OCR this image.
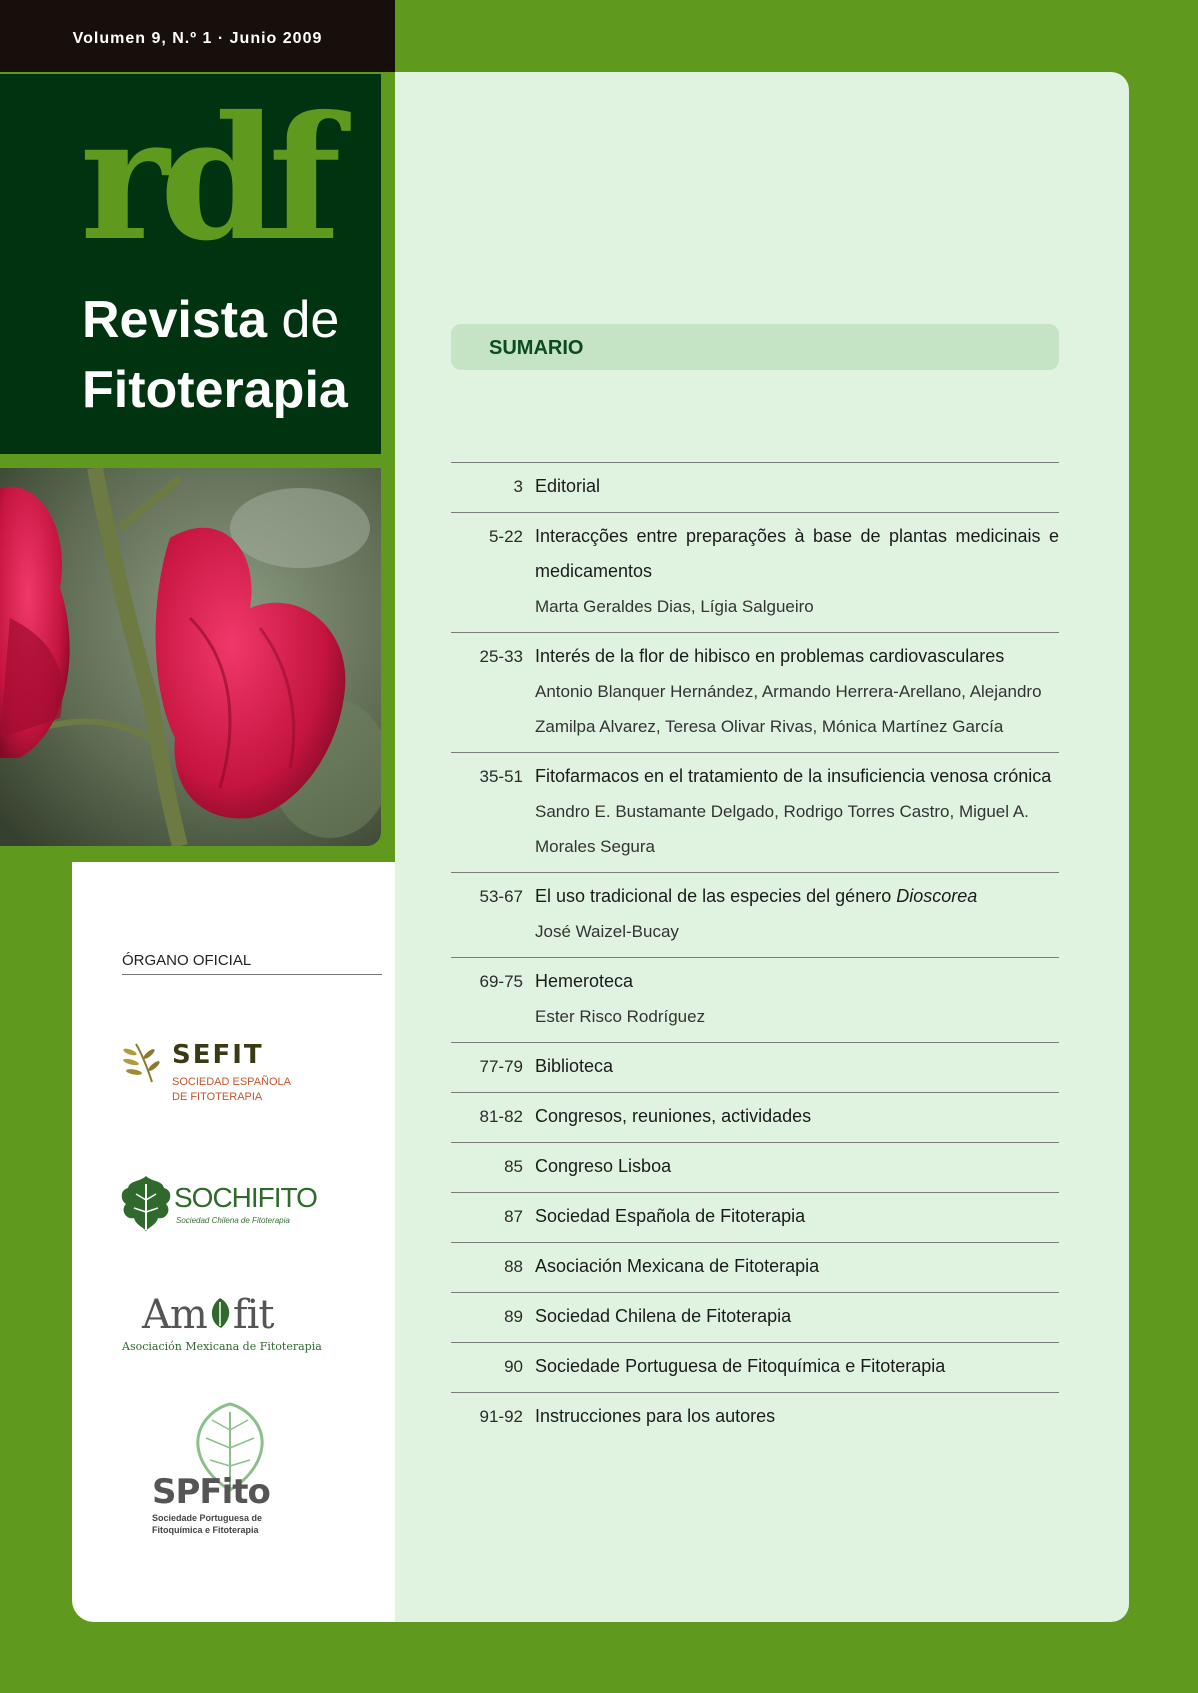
Volumen 9, N.º 1 · Junio 2009
rdf
Revista de
Fitoterapia
ÓRGANO OFICIAL
SEFIT
SOCIEDAD ESPAÑOLA
DE FITOTERAPIA
SOCHIFITO
Sociedad Chilena de Fitoterapia
Am fit
Asociación Mexicana de Fitoterapia
SPFito
Sociedade Portuguesa de
Fitoquímica e Fitoterapia
SUMARIO
3 Editorial
5-22 Interacções entre preparações à base de plantas medicinais e medicamentos
Marta Geraldes Dias, Lígia Salgueiro
25-33 Interés de la flor de hibisco en problemas cardiovasculares
Antonio Blanquer Hernández, Armando Herrera-Arellano, Alejandro Zamilpa Alvarez, Teresa Olivar Rivas, Mónica Martínez García
35-51 Fitofarmacos en el tratamiento de la insuficiencia venosa crónica
Sandro E. Bustamante Delgado, Rodrigo Torres Castro, Miguel A. Morales Segura
53-67 El uso tradicional de las especies del género Dioscorea
José Waizel-Bucay
69-75 Hemeroteca
Ester Risco Rodríguez
77-79 Biblioteca
81-82 Congresos, reuniones, actividades
85 Congreso Lisboa
87 Sociedad Española de Fitoterapia
88 Asociación Mexicana de Fitoterapia
89 Sociedad Chilena de Fitoterapia
90 Sociedade Portuguesa de Fitoquímica e Fitoterapia
91-92 Instrucciones para los autores
